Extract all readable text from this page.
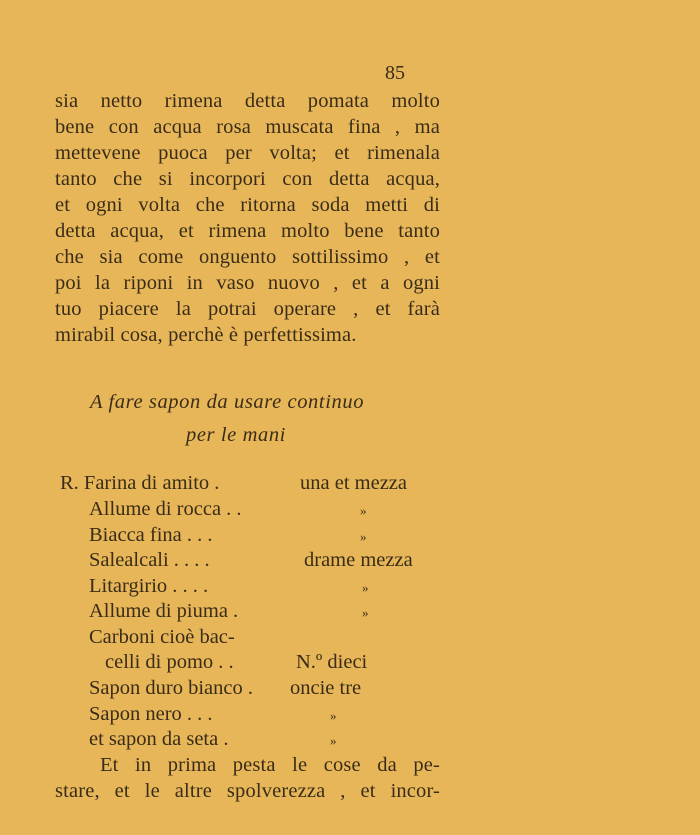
85
sia netto rimena detta pomata molto
bene con acqua rosa muscata fina , ma
mettevene puoca per volta; et rimenala
tanto che si incorpori con detta acqua,
et ogni volta che ritorna soda metti di
detta acqua, et rimena molto bene tanto
che sia come onguento sottilissimo , et
poi la riponi in vaso nuovo , et a ogni
tuo piacere la potrai operare , et farà
mirabil cosa, perchè è perfettissima.
A fare sapon da usare continuo
per le mani
R. Farina di amito .	una et mezza
Allume di rocca . .	»
Biacca fina . . .	»
Salealcali . . . .	drame mezza
Litargirio . . . .	»
Allume di piuma .	»
Carboni cioè bac-
celli di pomo . .	N.º dieci
Sapon duro bianco . oncie tre
Sapon nero . . .	»
et sapon da seta .	»
Et in prima pesta le cose da pe-
stare, et le altre spolverezza , et incor-
